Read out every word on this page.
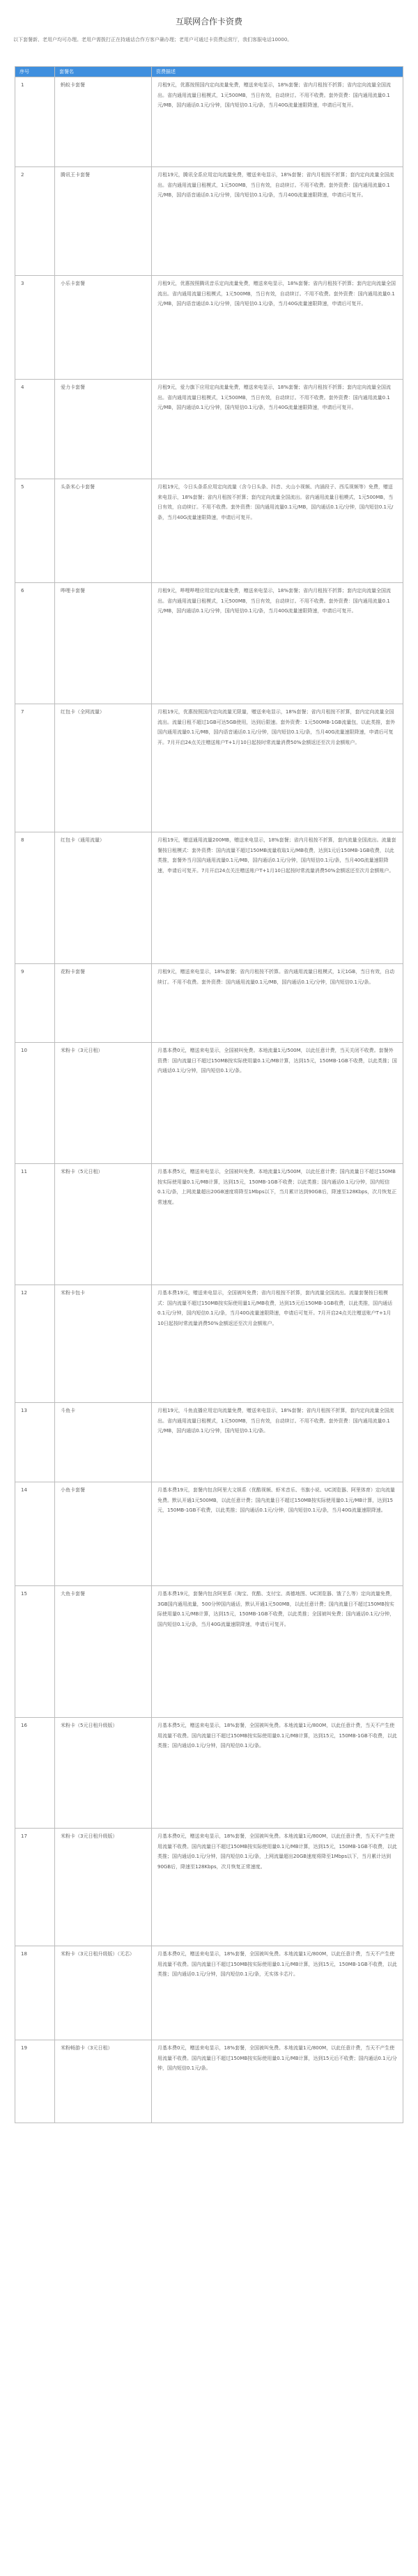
互联网合作卡资费
以下套餐新、老用户均可办理。老用户需拨打正在持通话合作方客户确办理；老用户可通过卡资费运营厅，我们客服电话10000。
序号	套餐名	资费描述
1	蚂蚁卡套餐	月租9元，优惠按照国内定向流量免费，赠送来电显示，18%套餐；省内月租按不折算；省内定向流量全国流出。省内通用流量日租模式，1元500MB，当日有效，自动续订。不用不收费。套外资费：国内通用流量0.1元/MB，国内通话0.1元/分钟，国内短信0.1元/条，当月40G流量速限降速，申请后可复开。
2	腾讯王卡套餐	月租19元，腾讯全系应用定向流量免费，赠送来电显示，18%套餐；省内月租按不折算；套内定向流量全国流出。省内通用流量日租模式，1元500MB，当日有效，自动续订。不用不收费。套外资费：国内通用流量0.1元/MB，国内语音通话0.1元/分钟，国内短信0.1元/条，当月40G流量速限降速，申请后可复开。
3	小乐卡套餐	月租9元，优惠按照腾讯音乐定向流量免费，赠送来电显示，18%套餐；省内月租按不折算；套内定向流量全国流出。省内通用流量日租模式，1元500MB，当日有效，自动续订。不用不收费。套外资费：国内通用流量0.1元/MB，国内语音通话0.1元/分钟，国内短信0.1元/条，当月40G流量速限降速，申请后可复开。
4	爱力卡套餐	月租9元，爱力旗下应用定向流量免费，赠送来电显示，18%套餐；省内月租按不折算；套内定向流量全国流出。省内通用流量日租模式，1元500MB，当日有效，自动续订。不用不收费。套外资费：国内通用流量0.1元/MB，国内通话0.1元/分钟，国内短信0.1元/条，当月40G流量速限降速，申请后可复开。
5	头条米心卡套餐	月租19元，今日头条系应用定向流量（含今日头条、抖音、火山小视频、内涵段子、西瓜视频等）免费，赠送来电显示，18%套餐；省内月租按不折算；套内定向流量全国流出。省内通用流量日租模式，1元500MB，当日有效，自动续订。不用不收费。套外资费：国内通用流量0.1元/MB，国内通话0.1元/分钟，国内短信0.1元/条，当月40G流量速限降速，申请后可复开。
6	哔哩卡套餐	月租9元，哔哩哔哩应用定向流量免费，赠送来电显示，18%套餐；省内月租按不折算；套内定向流量全国流出。省内通用流量日租模式，1元500MB，当日有效，自动续订。不用不收费。套外资费：国内通用流量0.1元/MB，国内通话0.1元/分钟，国内短信0.1元/条，当月40G流量速限降速，申请后可复开。
7	红包卡（全网流量）	月租19元，优惠按照国内定向流量无限量，赠送来电显示，18%套餐；省内月租按不折算，套内定向流量全国流出。流量日租不超过1GB可达5GB使用，达到后限速。套外资费：1元500MB-1GB流量包，以此类推，套外国内通用流量0.1元/MB，国内语音通话0.1元/分钟，国内短信0.1元/条，当月40G流量速限降速，申请后可复开。7月开启24点关注赠送账户T+1月10日起按时常流量消费50%金额返还至次月金额账户。
8	红包卡（通用流量）	月租19元，赠送通用流量200MB，赠送来电显示，18%套餐；省内月租按不折算，套内流量全国流出。流量套餐按日租模式：套外资费：国内流量不超过150MB流量收取1元/MB收费，达到1元后150MB-1GB收费，以此类推，套餐外当月国内通用流量0.1元/MB，国内通话0.1元/分钟，国内短信0.1元/条，当月40G流量速限降速，申请后可复开。7月开启24点关注赠送账户T+1月10日起按时常流量消费50%金额返还至次月金额账户。
9	花粉卡套餐	月租9元，赠送来电显示，18%套餐；省内月租按不折算。省内通用流量日租模式，1元1GB，当日有效，自动续订。不用不收费。套外资费：国内通用流量0.1元/MB，国内通话0.1元/分钟，国内短信0.1元/条。
10	米粉卡（3元日租）	月基本费0元，赠送来电显示，全国被叫免费。本地流量1元/500M，以此任意计费，当天关闭不收费。套餐外资费：国内流量日不超过150MB按实际使用量0.1元/MB计算，达到15元，150MB-1GB不收费，以此类推；国内通话0.1元/分钟，国内短信0.1元/条。
11	米粉卡（5元日租）	月基本费5元，赠送来电显示，全国被叫免费。本地流量1元/500M，以此任意计费；国内流量日不超过150MB按实际使用量0.1元/MB计算，达到15元，150MB-1GB不收费；以此类推；国内通话0.1元/分钟，国内短信0.1元/条，上网流量超出20GB速度将降至1Mbps以下，当月累计达到90GB后，降速至128Kbps，次月恢复正常速度。
12	米粉卡包卡	月基本费19元，赠送来电显示，全国被叫免费；省内月租按不折算，套内流量全国流出。流量套餐按日租模式：国内流量不超过150MB按实际使用量1元/MB收费，达到15元后150MB-1GB收费，以此类推，国内通话0.1元/分钟，国内短信0.1元/条，当月40G流量速限降速，申请后可复开。7月开启24点关注赠送账户T+1月10日起按时常流量消费50%金额返还至次月金额账户。
13	斗鱼卡	月租19元，斗鱼直播应用定向流量免费，赠送来电显示，18%套餐；省内月租按不折算，套内定向流量全国流出。省内通用流量日租模式，1元500MB，当日有效，自动续订。不用不收费。套外资费：国内通用流量0.1元/MB，国内通话0.1元/分钟，国内短信0.1元/条。
14	小鱼卡套餐	月基本费19元，套餐内包含阿里大文娱系（优酷视频、虾米音乐、书旗小说、UC浏览器、阿里体育）定向流量免费。默认开通1元500MB，以此任意计费；国内流量日不超过150MB按实际使用量0.1元/MB计算，达到15元，150MB-1GB不收费，以此类推；国内通话0.1元/分钟，国内短信0.1元/条，当月40G流量速限降速。
15	大鱼卡套餐	月基本费19元，套餐内包含阿里系（淘宝、优酷、支付宝、高德地图、UC浏览器、饿了么等）定向流量免费，3GB国内通用流量，500分钟国内通话，默认开通1元500MB，以此任意计费；国内流量日不超过150MB按实际使用量0.1元/MB计算，达到15元，150MB-1GB不收费，以此类推；全国被叫免费；国内通话0.1元/分钟，国内短信0.1元/条，当月40G流量速限降速，申请后可复开。
16	米粉卡（5元日租升级版）	月基本费5元，赠送来电显示，18%套餐，全国被叫免费。本地流量1元/800M，以此任意计费，当天不产生使用流量不收费。国内流量日不超过150MB按实际使用量0.1元/MB计算，达到15元，150MB-1GB不收费，以此类推；国内通话0.1元/分钟，国内短信0.1元/条。
17	米粉卡（3元日租升级版）	月基本费0元，赠送来电显示，18%套餐，全国被叫免费。本地流量1元/800M，以此任意计费，当天不产生使用流量不收费。国内流量日不超过150MB按实际使用量0.1元/MB计算，达到15元，150MB-1GB不收费，以此类推；国内通话0.1元/分钟，国内短信0.1元/条，上网流量超出20GB速度将降至1Mbps以下，当月累计达到90GB后，降速至128Kbps，次月恢复正常速度。
18	米粉卡（3元日租升级版）（无芯）	月基本费0元，赠送来电显示，18%套餐，全国被叫免费。本地流量1元/800M，以此任意计费，当天不产生使用流量不收费。国内流量日不超过150MB按实际使用量0.1元/MB计算，达到15元，150MB-1GB不收费，以此类推；国内通话0.1元/分钟，国内短信0.1元/条，无实体卡芯片。
19	米粉畅游卡（3元日租）	月基本费0元，赠送来电显示，18%套餐，全国被叫免费。本地流量1元/800M，以此任意计费，当天不产生使用流量不收费。国内流量日不超过150MB按实际使用量0.1元/MB计算，达到15元后不收费；国内通话0.1元/分钟，国内短信0.1元/条。
